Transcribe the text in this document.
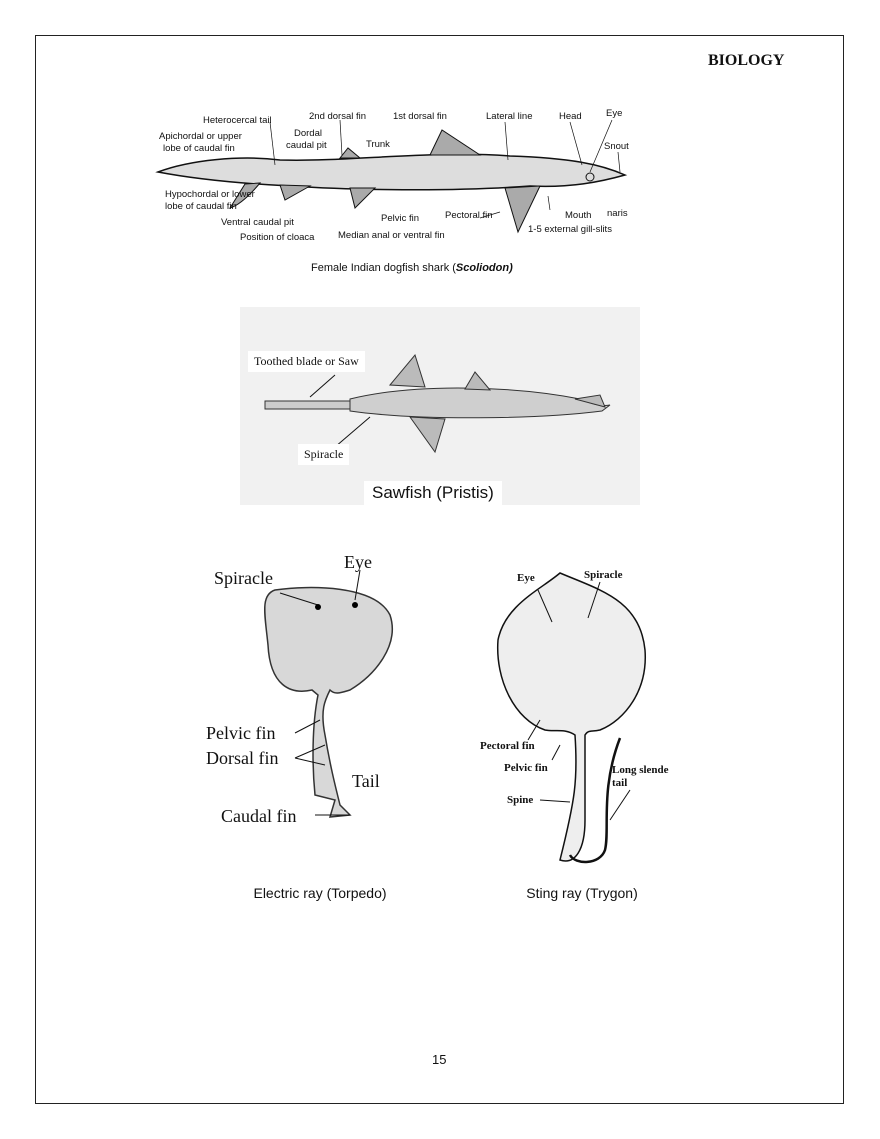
BIOLOGY
Heterocercal tail	2nd dorsal fin	1st dorsal fin	Lateral line	Head	Eye
Apichordal or upper
lobe of caudal fin
Dordal
caudal pit	Trunk	Snout
Hypochordal or lower
lobe of caudal fin
Ventral caudal pit
Position of cloaca Median anal or ventral fin
Pelvic fin	Pectoral fin	Mouth naris
1-5 external gill-slits
Female Indian dogfish shark (Scoliodon)
Toothed blade or Saw
Spiracle
Sawfish (Pristis)
Spiracle
Eye
Pelvic fin
Dorsal fin
Tail
Caudal fin
Electric ray (Torpedo)
Eye	Spiracle
Pectoral fin
Pelvic fin	Long slende
tail
Spine
Sting ray (Trygon)
15
